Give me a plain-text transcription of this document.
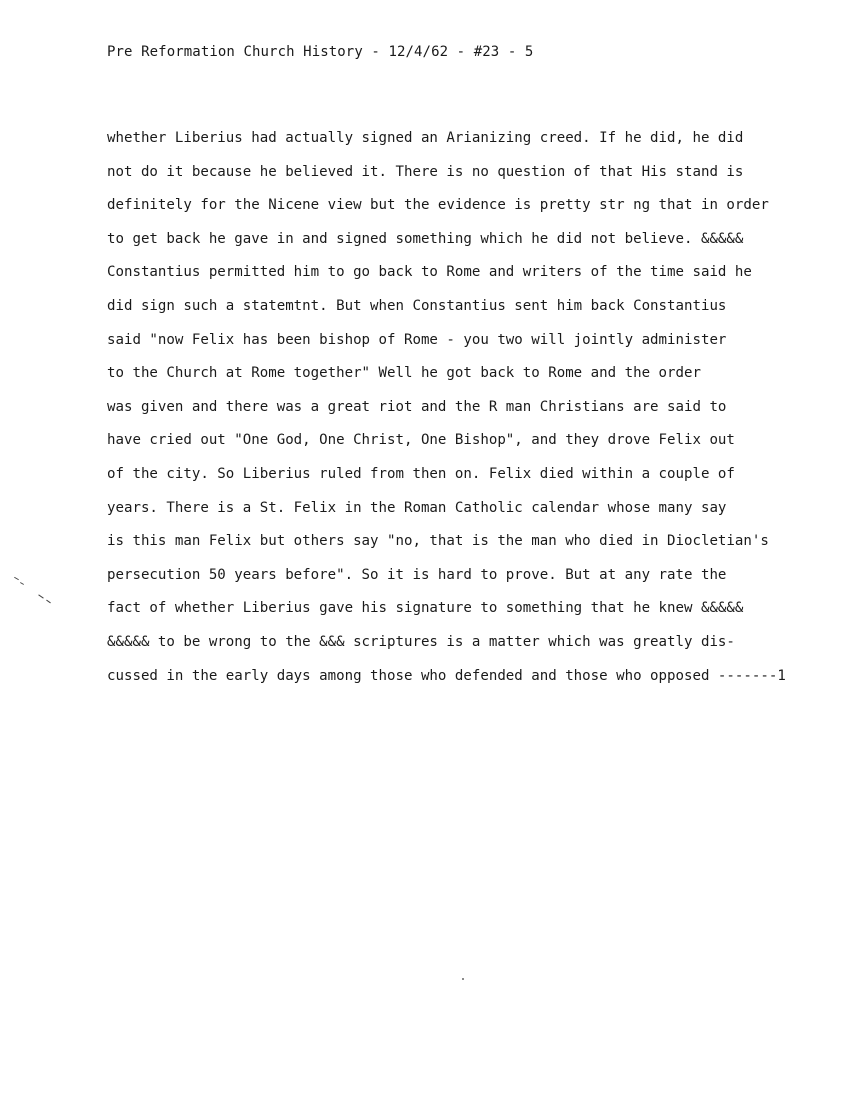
Pre Reformation Church History - 12/4/62 - #23 - 5
whether Liberius had actually signed an Arianizing creed. If he did, he did
not do it because he believed it. There is no question of that His stand is
definitely for the Nicene view but the evidence is pretty str ng that in order
to get back he gave in and signed something which he did not believe. &&&&&
Constantius permitted him to go back to Rome and writers of the time said he
did sign such a statemtnt. But when Constantius sent him back Constantius
said "now Felix has been bishop of Rome - you two will jointly administer
to the Church at Rome together" Well he got back to Rome and the order
was given and there was a great riot and the R man Christians are said to
have cried out "One God, One Christ, One Bishop", and they drove Felix out
of the city. So Liberius ruled from then on. Felix died within a couple of
years. There is a St. Felix in the Roman Catholic calendar whose many say
is this man Felix but others say "no, that is the man who died in Diocletian's
persecution 50 years before". So it is hard to prove. But at any rate the
fact of whether Liberius gave his signature to something that he knew &&&&&
&&&&& to be wrong to the &&& scriptures is a matter which was greatly dis-
cussed in the early days among those who defended and those who opposed -------1
